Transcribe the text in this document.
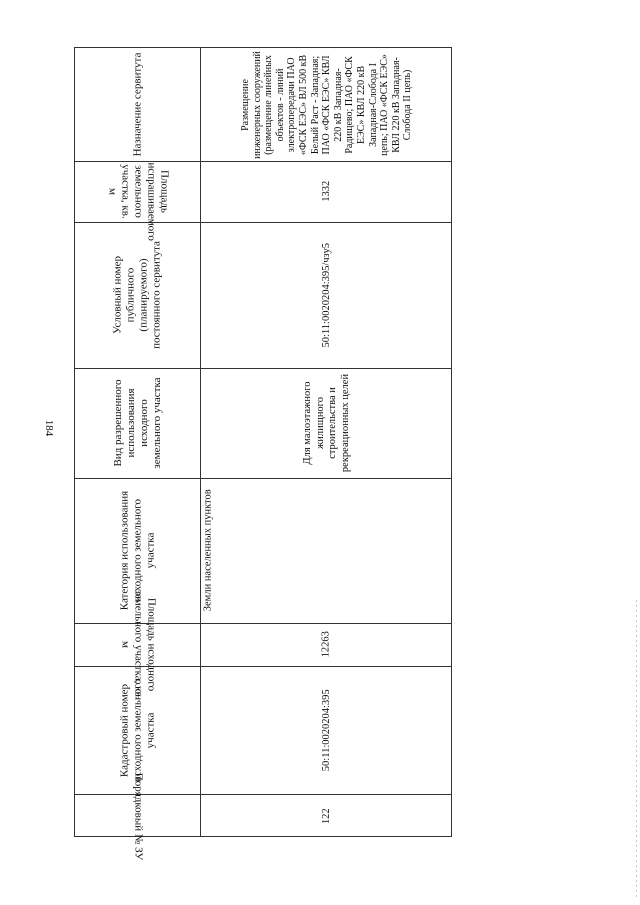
184
Назначение сервитута
Площадь испрашиваемого земельного участка, кв. м
Условный номер публичного (планируемого) постоянного сервитута
Вид разрешенного использования исходного земельного участка
Категория использования исходного земельного участка
Площадь исходного земельного участка, кв. м
Кадастровый номер исходного земельного участка
Порядковый № ЗУ
Размещение инженерных сооружений (размещение линейных объектов - линий электропередачи ПАО «ФСК ЕЭС» ВЛ 500 кВ Белый Раст - Западная; ПАО «ФСК ЕЭС» КВЛ 220 кВ Западная-Радищево; ПАО «ФСК ЕЭС» КВЛ 220 кВ Западная-Слобода I цепь; ПАО «ФСК ЕЭС» КВЛ 220 кВ Западная-Слобода II цепь)
1332
50:11:0020204:395/чзу5
Для малоэтажного жилищного строительства и рекреационных целей
Земли населенных пунктов
12263
50:11:0020204:395
122
